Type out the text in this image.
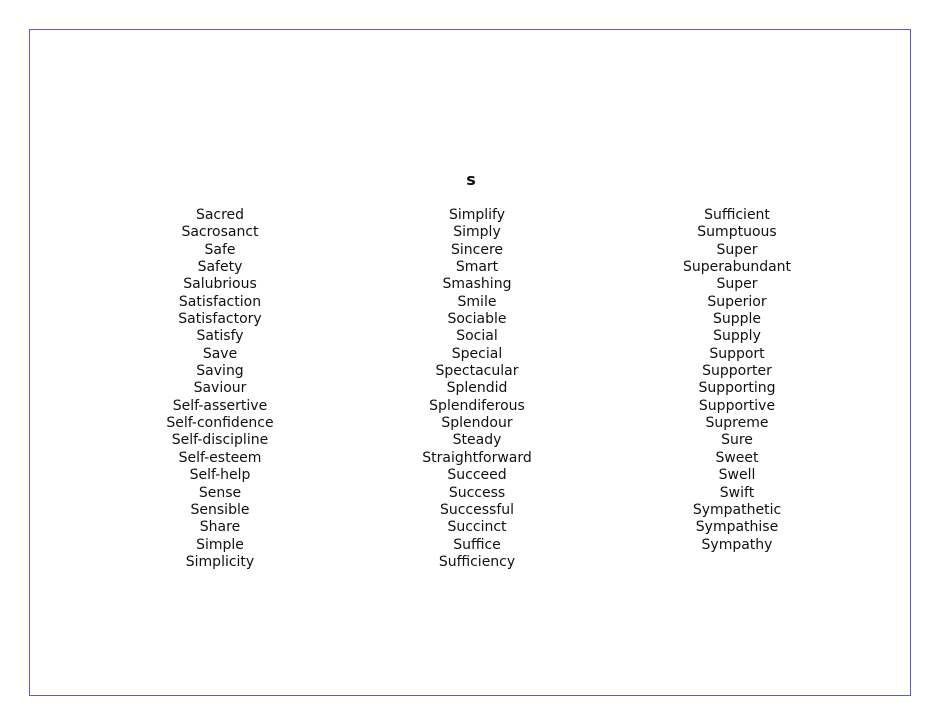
s
Sacred
Sacrosanct
Safe
Safety
Salubrious
Satisfaction
Satisfactory
Satisfy
Save
Saving
Saviour
Self-assertive
Self-confidence
Self-discipline
Self-esteem
Self-help
Sense
Sensible
Share
Simple
Simplicity
Simplify
Simply
Sincere
Smart
Smashing
Smile
Sociable
Social
Special
Spectacular
Splendid
Splendiferous
Splendour
Steady
Straightforward
Succeed
Success
Successful
Succinct
Suffice
Sufficiency
Sufficient
Sumptuous
Super
Superabundant
Super
Superior
Supple
Supply
Support
Supporter
Supporting
Supportive
Supreme
Sure
Sweet
Swell
Swift
Sympathetic
Sympathise
Sympathy
